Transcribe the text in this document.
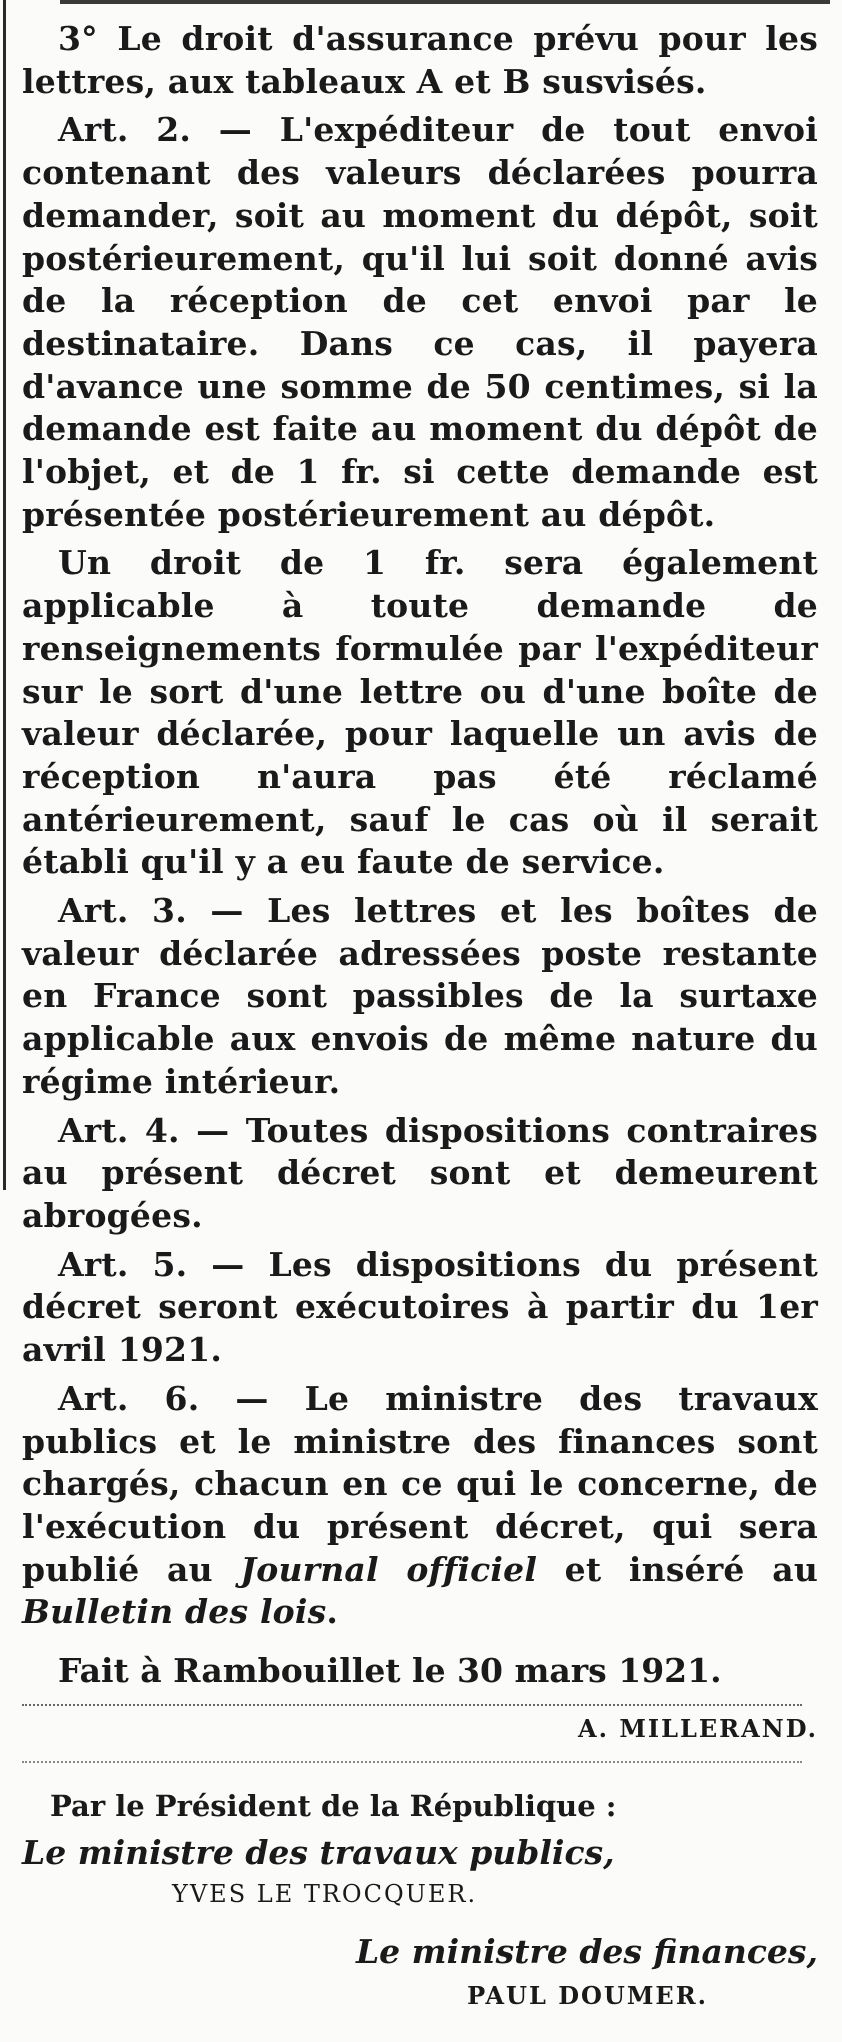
3° Le droit d'assurance prévu pour les lettres, aux tableaux A et B susvisés.

Art. 2. — L'expéditeur de tout envoi contenant des valeurs déclarées pourra demander, soit au moment du dépôt, soit postérieurement, qu'il lui soit donné avis de la réception de cet envoi par le destinataire. Dans ce cas, il payera d'avance une somme de 50 centimes, si la demande est faite au moment du dépôt de l'objet, et de 1 fr. si cette demande est présentée postérieurement au dépôt.

Un droit de 1 fr. sera également applicable à toute demande de renseignements formulée par l'expéditeur sur le sort d'une lettre ou d'une boîte de valeur déclarée, pour laquelle un avis de réception n'aura pas été réclamé antérieurement, sauf le cas où il serait établi qu'il y a eu faute de service.

Art. 3. — Les lettres et les boîtes de valeur déclarée adressées poste restante en France sont passibles de la surtaxe applicable aux envois de même nature du régime intérieur.

Art. 4. — Toutes dispositions contraires au présent décret sont et demeurent abrogées.

Art. 5. — Les dispositions du présent décret seront exécutoires à partir du 1er avril 1921.

Art. 6. — Le ministre des travaux publics et le ministre des finances sont chargés, chacun en ce qui le concerne, de l'exécution du présent décret, qui sera publié au Journal officiel et inséré au Bulletin des lois.

Fait à Rambouillet le 30 mars 1921.
A. MILLERAND.
Par le Président de la République :
Le ministre des travaux publics,
YVES LE TROCQUER.
Le ministre des finances,
PAUL DOUMER.
